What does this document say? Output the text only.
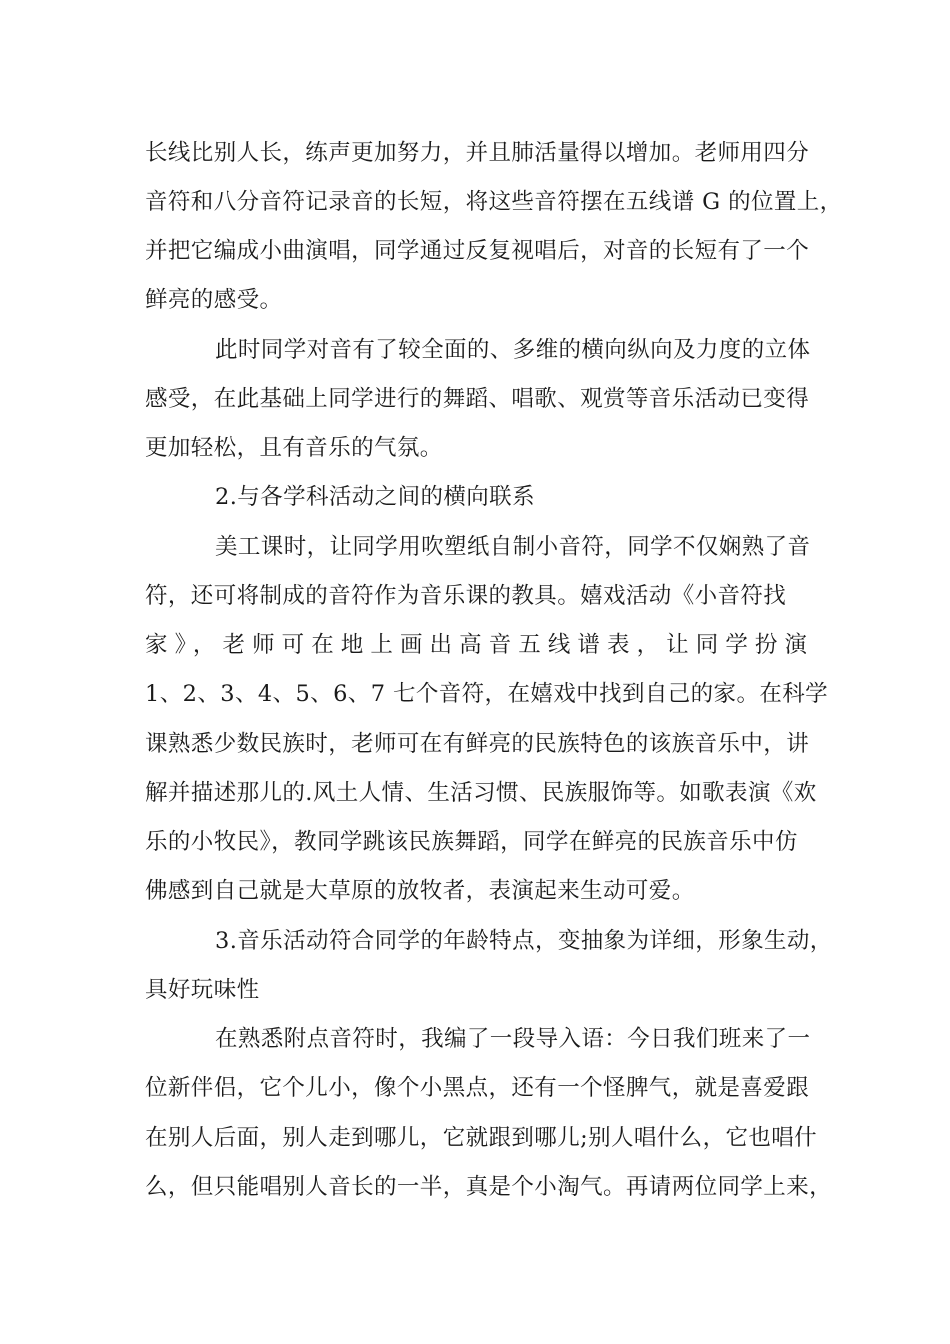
长线比别人长，练声更加努力，并且肺活量得以增加。老师用四分
音符和八分音符记录音的长短，将这些音符摆在五线谱 G 的位置上，
并把它编成小曲演唱，同学通过反复视唱后，对音的长短有了一个
鲜亮的感受。
此时同学对音有了较全面的、多维的横向纵向及力度的立体
感受，在此基础上同学进行的舞蹈、唱歌、观赏等音乐活动已变得
更加轻松，且有音乐的气氛。
2.与各学科活动之间的横向联系
美工课时，让同学用吹塑纸自制小音符，同学不仅娴熟了音
符，还可将制成的音符作为音乐课的教具。嬉戏活动《小音符找
家》，老师可在地上画出高音五线谱表，让同学扮演
1、2、3、4、5、6、7 七个音符，在嬉戏中找到自己的家。在科学
课熟悉少数民族时，老师可在有鲜亮的民族特色的该族音乐中，讲
解并描述那儿的.风土人情、生活习惯、民族服饰等。如歌表演《欢
乐的小牧民》，教同学跳该民族舞蹈，同学在鲜亮的民族音乐中仿
佛感到自己就是大草原的放牧者，表演起来生动可爱。
3.音乐活动符合同学的年龄特点，变抽象为详细，形象生动，
具好玩味性
在熟悉附点音符时，我编了一段导入语：今日我们班来了一
位新伴侣，它个儿小，像个小黑点，还有一个怪脾气，就是喜爱跟
在别人后面，别人走到哪儿，它就跟到哪儿;别人唱什么，它也唱什
么，但只能唱别人音长的一半，真是个小淘气。再请两位同学上来，
